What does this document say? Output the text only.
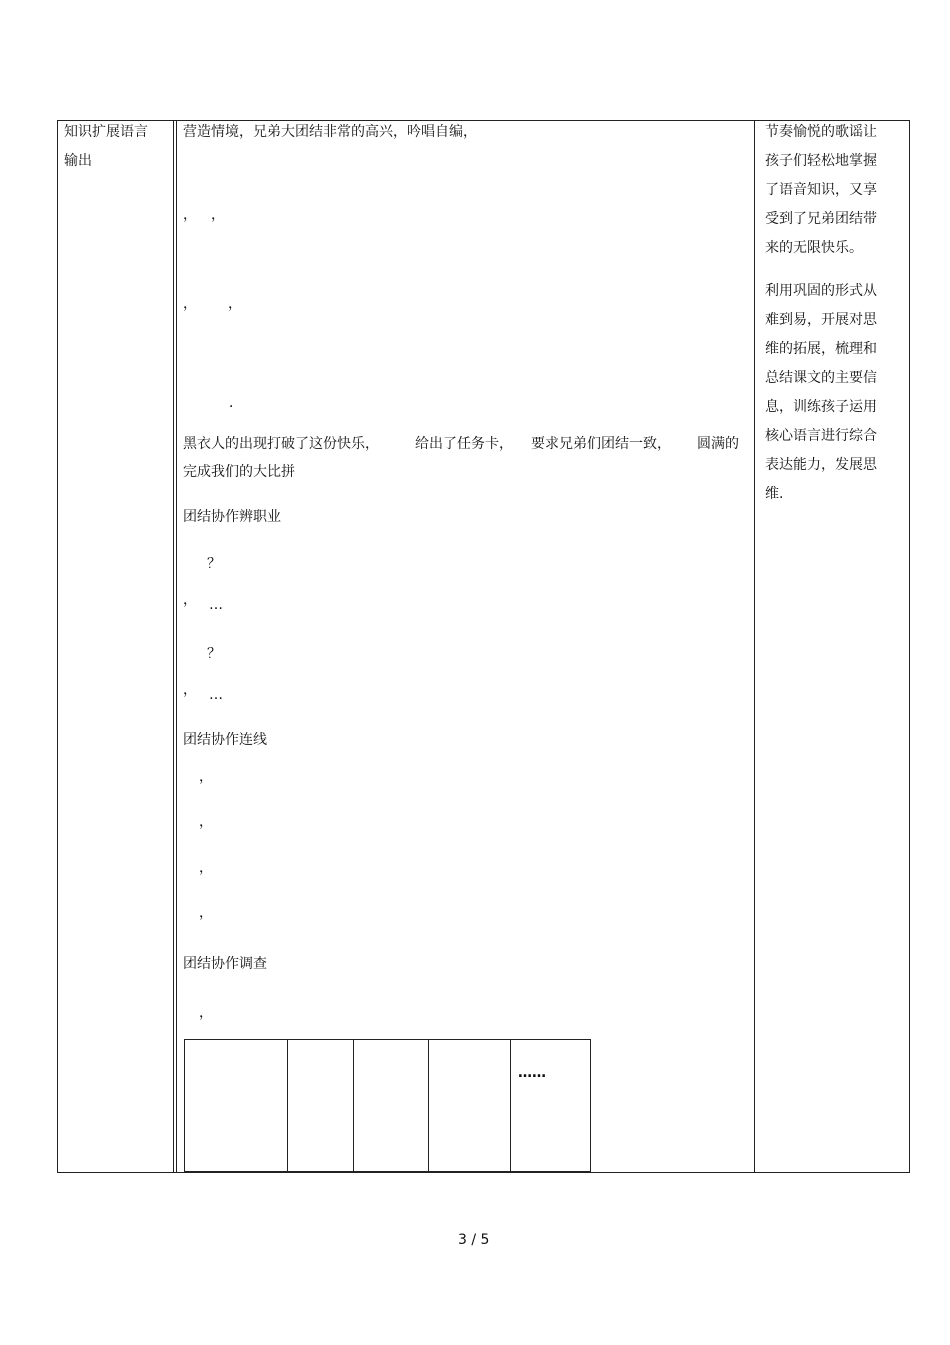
知识扩展语言
输出
营造情境，兄弟大团结非常的高兴，吟唱自编，
， ，
， ，
．
黑衣人的出现打破了这份快乐，	给出了任务卡， 要求兄弟们团结一致， 圆满的
完成我们的大比拼
团结协作辨职业
？
， …
？
， …
团结协作连线
，
，
，
，
团结协作调查
，
……
节奏愉悦的歌谣让
孩子们轻松地掌握
了语音知识，又享
受到了兄弟团结带
来的无限快乐。
利用巩固的形式从
难到易，开展对思
维的拓展，梳理和
总结课文的主要信
息，训练孩子运用
核心语言进行综合
表达能力，发展思
维.
3 / 5
